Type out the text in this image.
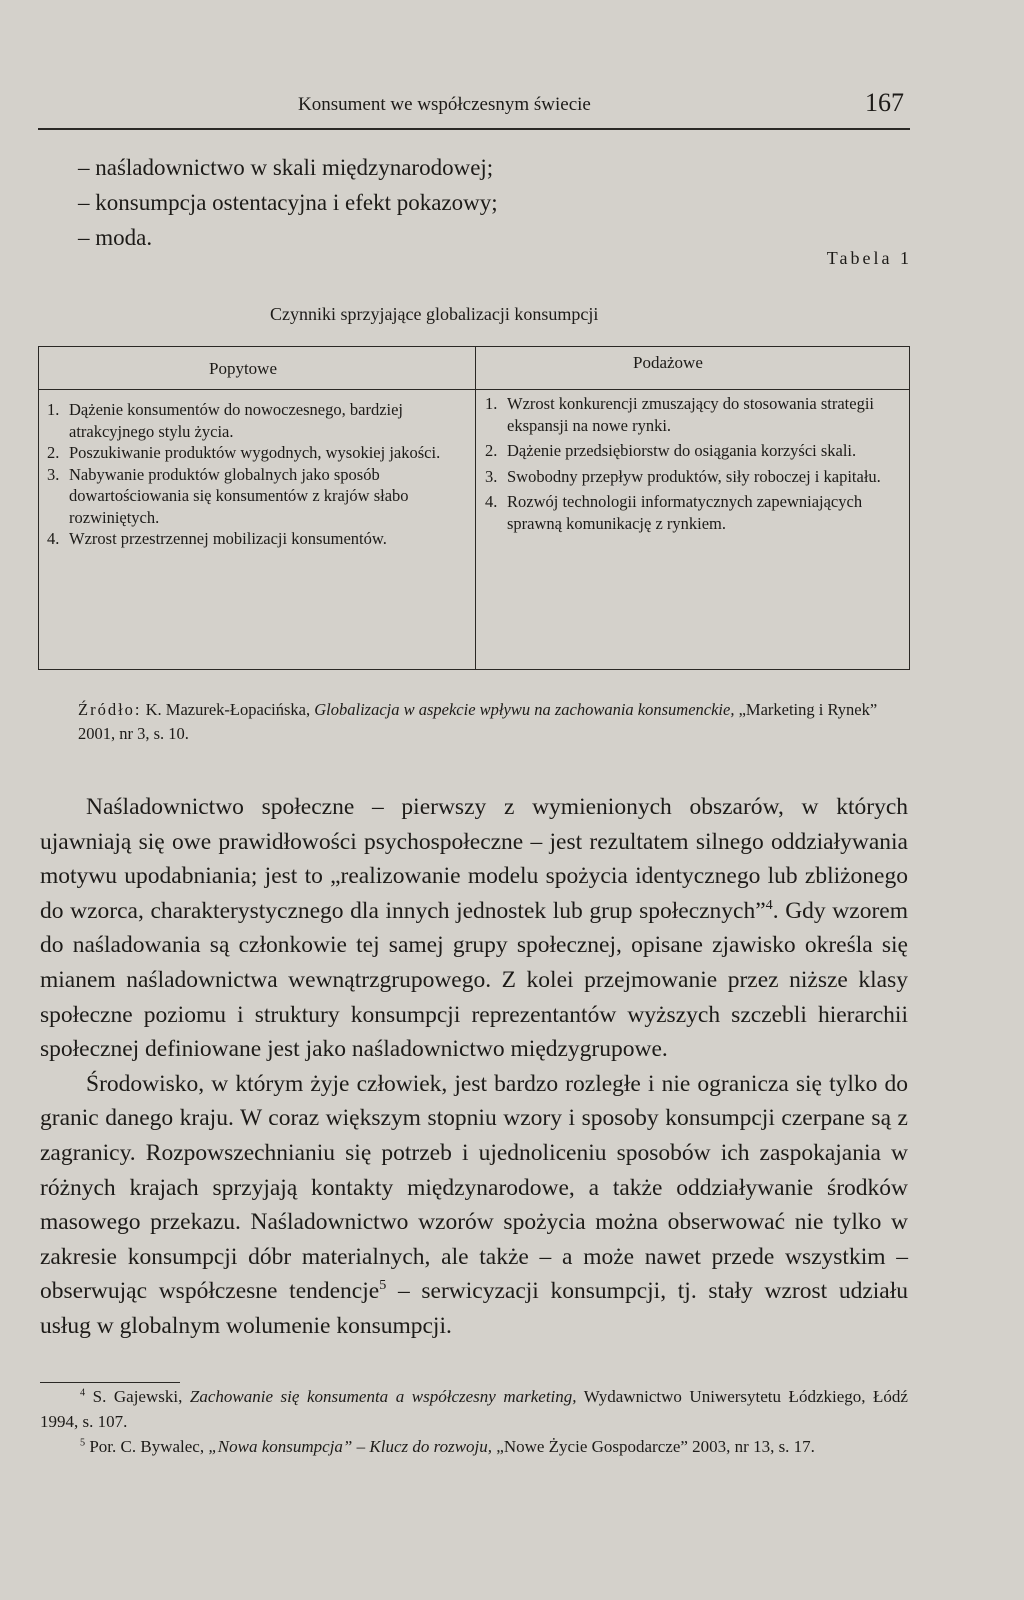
Konsument we współczesnym świecie	167
– naśladownictwo w skali międzynarodowej;
– konsumpcja ostentacyjna i efekt pokazowy;
– moda.
Tabela 1
Czynniki sprzyjające globalizacji konsumpcji
Popytowe	Podażowe
1. Dążenie konsumentów do nowoczesnego, bardziej atrakcyjnego stylu życia.
2. Poszukiwanie produktów wygodnych, wysokiej jakości.
3. Nabywanie produktów globalnych jako sposób dowartościowania się konsumentów z krajów słabo rozwiniętych.
4. Wzrost przestrzennej mobilizacji konsumentów.
1. Wzrost konkurencji zmuszający do stosowania strategii ekspansji na nowe rynki.
2. Dążenie przedsiębiorstw do osiągania korzyści skali.
3. Swobodny przepływ produktów, siły roboczej i kapitału.
4. Rozwój technologii informatycznych zapewniających sprawną komunikację z rynkiem.
Źródło: K. Mazurek-Łopacińska, Globalizacja w aspekcie wpływu na zachowania konsumenckie, „Marketing i Rynek” 2001, nr 3, s. 10.

Naśladownictwo społeczne – pierwszy z wymienionych obszarów, w których ujawniają się owe prawidłowości psychospołeczne – jest rezultatem silnego oddziaływania motywu upodabniania; jest to „realizowanie modelu spożycia identycznego lub zbliżonego do wzorca, charakterystycznego dla innych jednostek lub grup społecznych”$^4$. Gdy wzorem do naśladowania są członkowie tej samej grupy społecznej, opisane zjawisko określa się mianem naśladownictwa wewnątrzgrupowego. Z kolei przejmowanie przez niższe klasy społeczne poziomu i struktury konsumpcji reprezentantów wyższych szczebli hierarchii społecznej definiowane jest jako naśladownictwo międzygrupowe.

Środowisko, w którym żyje człowiek, jest bardzo rozległe i nie ogranicza się tylko do granic danego kraju. W coraz większym stopniu wzory i sposoby konsumpcji czerpane są z zagranicy. Rozpowszechnianiu się potrzeb i ujednoliceniu sposobów ich zaspokajania w różnych krajach sprzyjają kontakty międzynarodowe, a także oddziaływanie środków masowego przekazu. Naśladownictwo wzorów spożycia można obserwować nie tylko w zakresie konsumpcji dóbr materialnych, ale także – a może nawet przede wszystkim – obserwując współczesne tendencje$^5$ – serwicyzacji konsumpcji, tj. stały wzrost udziału usług w globalnym wolumenie konsumpcji.

$^4$ S. Gajewski, Zachowanie się konsumenta a współczesny marketing, Wydawnictwo Uniwersytetu Łódzkiego, Łódź 1994, s. 107.

$^5$ Por. C. Bywalec, „Nowa konsumpcja” – Klucz do rozwoju, „Nowe Życie Gospodarcze” 2003, nr 13, s. 17.
